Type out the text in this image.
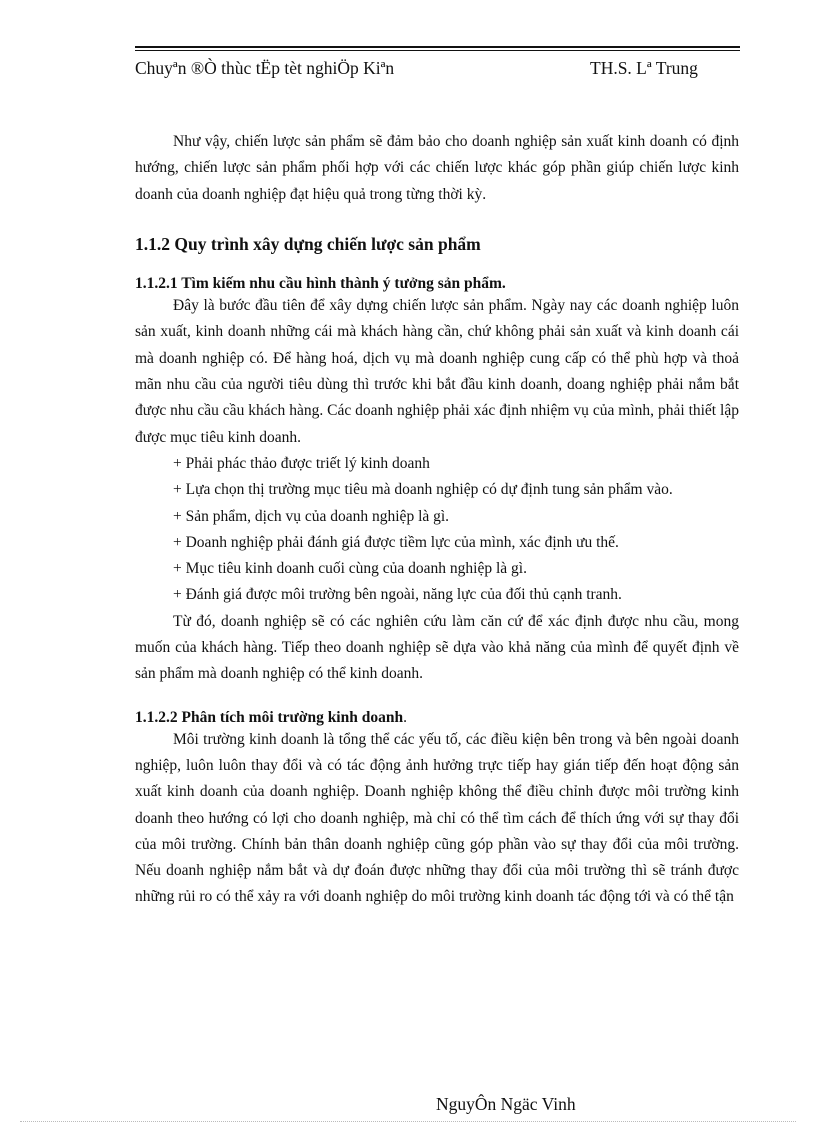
Chuyªn ®Ò thùc tËp tèt nghiÖp Kiªn	TH.S. Lª Trung

Như vậy, chiến lược sản phẩm sẽ đảm bảo cho doanh nghiệp sản xuất kinh doanh có định hướng, chiến lược sản phẩm phối hợp với các chiến lược khác góp phần giúp chiến lược kinh doanh của doanh nghiệp đạt hiệu quả trong từng thời kỳ.

1.1.2 Quy trình xây dựng chiến lược sản phẩm

1.1.2.1 Tìm kiếm nhu cầu hình thành ý tưởng sản phẩm.

Đây là bước đầu tiên để xây dựng chiến lược sản phẩm. Ngày nay các doanh nghiệp luôn sản xuất, kinh doanh những cái mà khách hàng cần, chứ không phải sản xuất và kinh doanh cái mà doanh nghiệp có. Để hàng hoá, dịch vụ mà doanh nghiệp cung cấp có thể phù hợp và thoả mãn nhu cầu của người tiêu dùng thì trước khi bắt đầu kinh doanh, doang nghiệp phải nắm bắt được nhu cầu cầu khách hàng. Các doanh nghiệp phải xác định nhiệm vụ của mình, phải thiết lập được mục tiêu kinh doanh.

+ Phải phác thảo được triết lý kinh doanh

+ Lựa chọn thị trường mục tiêu mà doanh nghiệp có dự định tung sản phẩm vào.

+ Sản phẩm, dịch vụ của doanh nghiệp là gì.

+ Doanh nghiệp phải đánh giá được tiềm lực của mình, xác định ưu thế.

+ Mục tiêu kinh doanh cuối cùng của doanh nghiệp là gì.

+ Đánh giá được môi trường bên ngoài, năng lực của đối thủ cạnh tranh.

Từ đó, doanh nghiệp sẽ có các nghiên cứu làm căn cứ để xác định được nhu cầu, mong muốn của khách hàng. Tiếp theo doanh nghiệp sẽ dựa vào khả năng của mình để quyết định về sản phẩm mà doanh nghiệp có thể kinh doanh.

1.1.2.2 Phân tích môi trường kinh doanh.

Môi trường kinh doanh là tổng thể các yếu tố, các điều kiện bên trong và bên ngoài doanh nghiệp, luôn luôn thay đổi và có tác động ảnh hưởng trực tiếp hay gián tiếp đến hoạt động sản xuất kinh doanh của doanh nghiệp. Doanh nghiệp không thể điều chỉnh được môi trường kinh doanh theo hướng có lợi cho doanh nghiệp, mà chỉ có thể tìm cách để thích ứng với sự thay đổi của môi trường. Chính bản thân doanh nghiệp cũng góp phần vào sự thay đổi của môi trường. Nếu doanh nghiệp nắm bắt và dự đoán được những thay đổi của môi trường thì sẽ tránh được những rủi ro có thể xảy ra với doanh nghiệp do môi trường kinh doanh tác động tới và có thể tận

NguyÔn Ngäc Vinh
